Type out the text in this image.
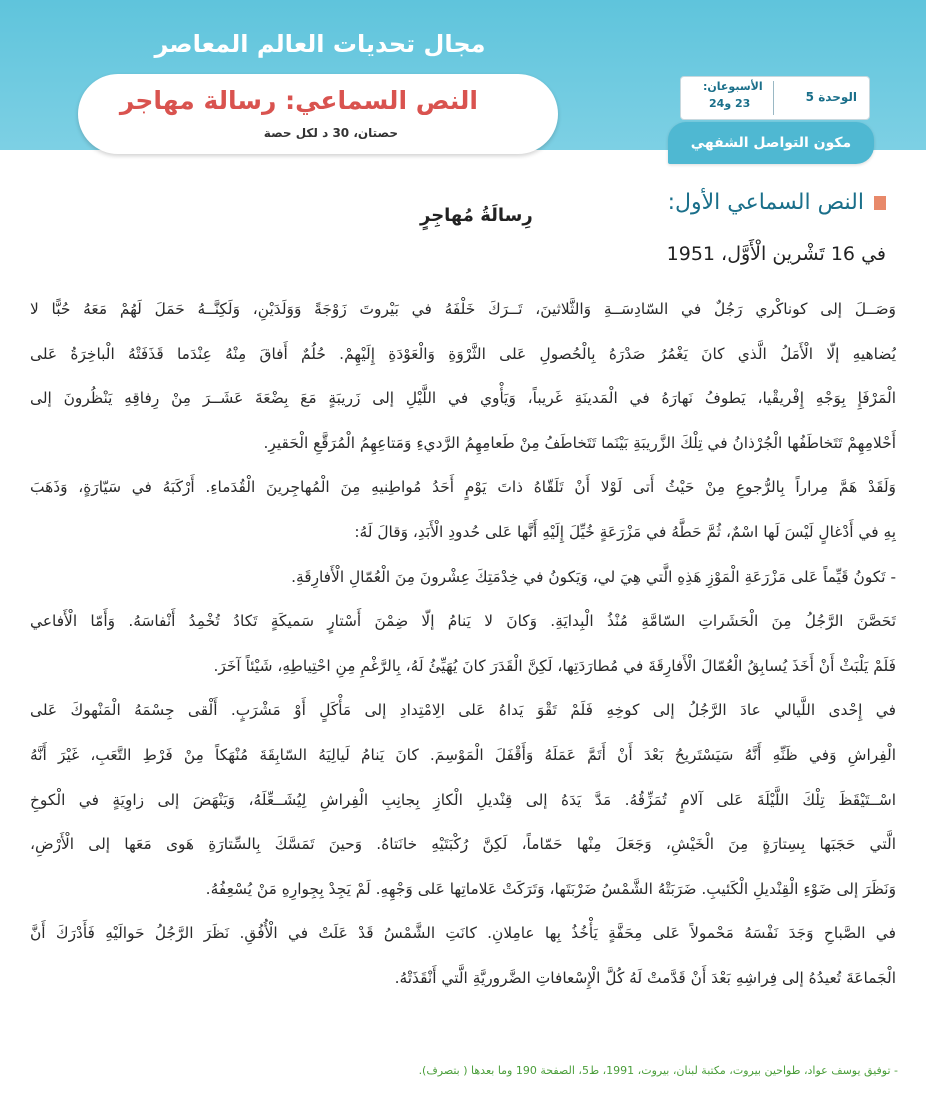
مجال تحديات العالم المعاصر
النص السماعي: رسالة مهاجر
حصتان، 30 د لكل حصة
الوحدة 5
الأسبوعان:
23 و24
مكون التواصل الشفهي
النص السماعي الأول:
رِسالَةُ مُهاجِرٍ
في 16 تَشْرين الْأَوَّل، 1951
وَصَــلَ إلى كوناكْري رَجُلٌ في السّادِسَــةِ وَالثَّلاثينَ، تَــرَكَ خَلْفَهُ في بَيْروتَ زَوْجَةً وَوَلَدَيْنِ، وَلَكِنَّــهُ حَمَلَ لَهُمْ مَعَهُ حُبًّا لا
يُضاهيهِ إلّا الْأَمَلُ الَّذي كانَ يَغْمُرُ صَدْرَهُ بِالْحُصولِ عَلى الثَّرْوَةِ وَالْعَوْدَةِ إِلَيْهِمْ. حُلُمٌ أَفاقَ مِنْهُ عِنْدَما قَذَفَتْهُ الْباخِرَةُ عَلى
الْمَرْفَإِ بِوَجْهِ إِفْريقْيا، يَطوفُ نَهارَهُ في الْمَدينَةِ غَريباً، وَيَأْوي في اللَّيْلِ إلى زَريبَةٍ مَعَ بِضْعَةَ عَشَــرَ مِنْ رِفاقِهِ يَنْظُرونَ إلى
أَحْلامِهِمْ تَتَخاطَفُها الْجُرْذانُ في تِلْكَ الزَّريبَةِ بَيْنَما تَتَخاطَفُ مِنْ طَعامِهِمُ الرَّديءِ وَمَتاعِهِمُ الْمُرَقَّعِ الْحَقيرِ.
وَلَقَدْ هَمَّ مِراراً بِالرُّجوعِ مِنْ حَيْثُ أَتى لَوْلا أَنْ تَلَقّاهُ ذاتَ يَوْمٍ أَحَدُ مُواطِنيهِ مِنَ الْمُهاجِرينَ الْقُدَماءِ. أَرْكَبَهُ في سَيّارَةٍ، وَذَهَبَ
بِهِ في أَدْغالٍ لَيْسَ لَها اسْمٌ، ثُمَّ حَطَّهُ في مَزْرَعَةٍ خُيِّلَ إِلَيْهِ أَنَّها عَلى حُدودِ الْأَبَدِ، وَقالَ لَهُ:
- تَكونُ قَيِّماً عَلى مَزْرَعَةِ الْمَوْزِ هَذِهِ الَّتي هِيَ لي، وَيَكونُ في خِدْمَتِكَ عِشْرونَ مِنَ الْعُمّالِ الْأَفارِقَةِ.
تَحَصَّنَ الرَّجُلُ مِنَ الْحَشَراتِ السّامَّةِ مُنْذُ الْبِدايَةِ. وَكانَ لا يَنامُ إلّا ضِمْنَ أَسْتارٍ سَميكَةٍ تَكادُ تُخْمِدُ أَنْفاسَهُ. وَأَمّا الْأَفاعي
فَلَمْ يَلْبَثْ أَنْ أَخَذَ يُسابِقُ الْعُمّالَ الْأَفارِقَةَ في مُطارَدَتِها، لَكِنَّ الْقَدَرَ كانَ يُهَيِّئُ لَهُ، بِالرَّغْمِ مِنِ احْتِياطِهِ، شَيْئاً آخَرَ.
في إِحْدى اللَّيالي عادَ الرَّجُلُ إلى كوخِهِ فَلَمْ تَقْوَ يَداهُ عَلى الِامْتِدادِ إلى مَأْكَلٍ أَوْ مَشْرَبٍ. أَلْقى جِسْمَهُ الْمَنْهوكَ عَلى
الْفِراشِ وَفي ظَنِّهِ أَنَّهُ سَيَسْتَريحُ بَعْدَ أَنْ أَتَمَّ عَمَلَهُ وَأَقْفَلَ الْمَوْسِمَ. كانَ يَنامُ لَيالِيَهُ السّابِقَةَ مُنْهَكاً مِنْ فَرْطِ التَّعَبِ، غَيْرَ أَنَّهُ
اسْــتَيْقَظَ تِلْكَ اللَّيْلَةَ عَلى آلامٍ تُمَزِّقُهُ. مَدَّ يَدَهُ إلى قِنْديلِ الْكازِ بِجانِبِ الْفِراشِ لِيُشَــعِّلَهُ، وَيَنْهَضَ إلى زاوِيَةٍ في الْكوخِ
الَّتي حَجَبَها بِسِتارَةٍ مِنَ الْخَيْشِ، وَجَعَلَ مِنْها حَمّاماً، لَكِنَّ رُكْبَتَيْهِ خانَتاهُ. وَحينَ تَمَسَّكَ بِالسِّتارَةِ هَوى مَعَها إلى الْأَرْضِ،
وَنَظَرَ إلى ضَوْءِ الْقِنْديلِ الْكَئيبِ. ضَرَبَتْهُ الشَّمْسُ ضَرْبَتَها، وَتَرَكَتْ عَلاماتِها عَلى وَجْهِهِ. لَمْ يَجِدْ بِجِوارِهِ مَنْ يُسْعِفُهُ.
في الصَّباحِ وَجَدَ نَفْسَهُ مَحْمولاً عَلى مِحَفَّةٍ يَأْخُذُ بِها عامِلانِ. كانَتِ الشَّمْسُ قَدْ عَلَتْ في الْأُفُقِ. نَظَرَ الرَّجُلُ حَوالَيْهِ فَأَدْرَكَ أَنَّ
الْجَماعَةَ تُعيدُهُ إلى فِراشِهِ بَعْدَ أَنْ قَدَّمتْ لَهُ كُلَّ الْإِسْعافاتِ الضَّروريَّةِ الَّتي أَنْقَذَتْهُ.
- توفيق يوسف عواد، طواحين بيروت، مكتبة لبنان، بيروت، 1991، ط5، الصفحة 190 وما بعدها ( بتصرف).
